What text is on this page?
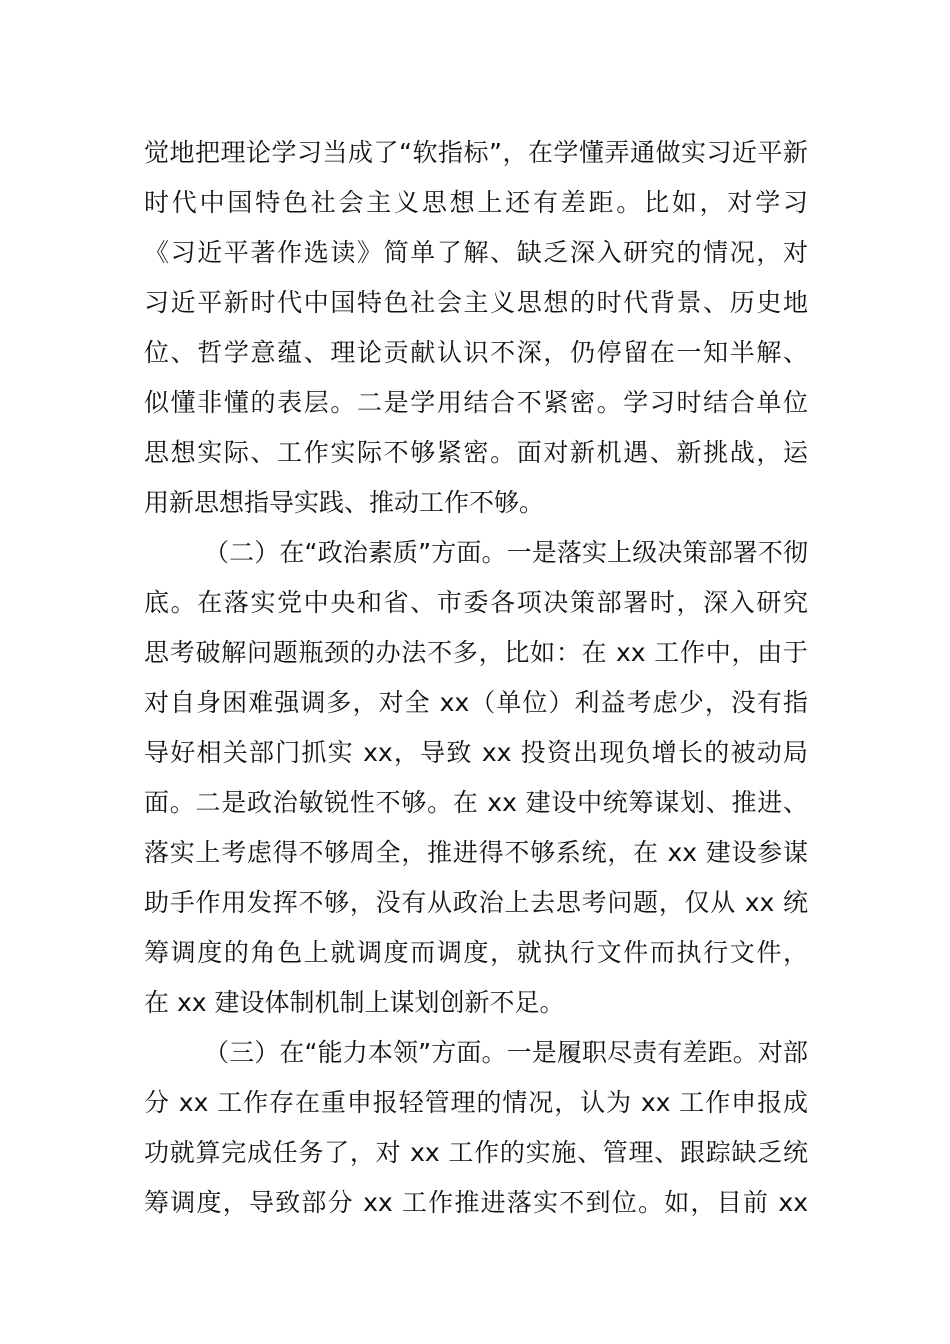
觉地把理论学习当成了“软指标”，在学懂弄通做实习近平新
时代中国特色社会主义思想上还有差距。比如，对学习
《习近平著作选读》简单了解、缺乏深入研究的情况，对
习近平新时代中国特色社会主义思想的时代背景、历史地
位、哲学意蕴、理论贡献认识不深，仍停留在一知半解、
似懂非懂的表层。二是学用结合不紧密。学习时结合单位
思想实际、工作实际不够紧密。面对新机遇、新挑战，运
用新思想指导实践、推动工作不够。
（二）在“政治素质”方面。一是落实上级决策部署不彻
底。在落实党中央和省、市委各项决策部署时，深入研究
思考破解问题瓶颈的办法不多，比如：在 xx 工作中，由于
对自身困难强调多，对全 xx（单位）利益考虑少，没有指
导好相关部门抓实 xx，导致 xx 投资出现负增长的被动局
面。二是政治敏锐性不够。在 xx 建设中统筹谋划、推进、
落实上考虑得不够周全，推进得不够系统，在 xx 建设参谋
助手作用发挥不够，没有从政治上去思考问题，仅从 xx 统
筹调度的角色上就调度而调度，就执行文件而执行文件，
在 xx 建设体制机制上谋划创新不足。
（三）在“能力本领”方面。一是履职尽责有差距。对部
分 xx 工作存在重申报轻管理的情况，认为 xx 工作申报成
功就算完成任务了，对 xx 工作的实施、管理、跟踪缺乏统
筹调度，导致部分 xx 工作推进落实不到位。如，目前 xx
